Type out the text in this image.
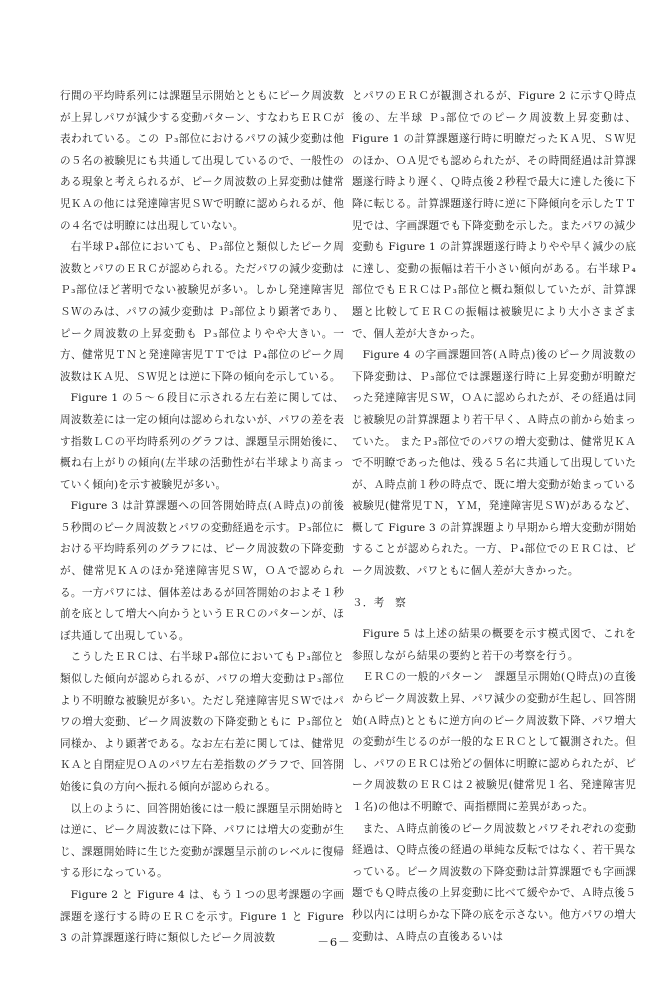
行間の平均時系列には課題呈示開始とともにピーク周波数が上昇しパワが減少する変動パターン、すなわちＥＲＣが表われている。この Ｐ₃部位におけるパワの減少変動は他の５名の被験児にも共通して出現しているので、一般性のある現象と考えられるが、ピーク周波数の上昇変動は健常児ＫＡの他には発達障害児ＳＷで明瞭に認められるが、他の４名では明瞭には出現していない。

右半球Ｐ₄部位においても、Ｐ₃部位と類似したピーク周波数とパワのＥＲＣが認められる。ただパワの減少変動は Ｐ₃部位ほど著明でない被験児が多い。しかし発達障害児ＳＷのみは、パワの減少変動は Ｐ₃部位より顕著であり、ピーク周波数の上昇変動も Ｐ₃部位よりやや大きい。一方、健常児ＴＮと発達障害児ＴＴでは Ｐ₄部位のピーク周波数はＫＡ児、ＳＷ児とは逆に下降の傾向を示している。

Figure 1 の５～６段目に示される左右差に関しては、周波数差には一定の傾向は認められないが、パワの差を表す指数ＬＣの平均時系列のグラフは、課題呈示開始後に、概ね右上がりの傾向(左半球の活動性が右半球より高まっていく傾向)を示す被験児が多い。

Figure 3 は計算課題への回答開始時点(Ａ時点)の前後５秒間のピーク周波数とパワの変動経過を示す。Ｐ₃部位における平均時系列のグラフには、ピーク周波数の下降変動が、健常児ＫＡのほか発達障害児ＳＷ，ＯＡで認められる。一方パワには、個体差はあるが回答開始のおよそ１秒前を底として増大へ向かうというＥＲＣのパターンが、ほぼ共通して出現している。

こうしたＥＲＣは、右半球Ｐ₄部位においてもＰ₃部位と類似した傾向が認められるが、パワの増大変動はＰ₃部位より不明瞭な被験児が多い。ただし発達障害児ＳＷではパワの増大変動、ピーク周波数の下降変動ともに Ｐ₃部位と同様か、より顕著である。なお左右差に関しては、健常児ＫＡと自閉症児ＯＡのパワ左右差指数のグラフで、回答開始後に負の方向へ振れる傾向が認められる。

以上のように、回答開始後には一般に課題呈示開始時とは逆に、ピーク周波数には下降、パワには増大の変動が生じ、課題開始時に生じた変動が課題呈示前のレベルに復帰する形になっている。

Figure 2 と Figure 4 は、もう１つの思考課題の字画課題を遂行する時のＥＲＣを示す。Figure 1 と Figure 3 の計算課題遂行時に類似したピーク周波数

とパワのＥＲＣが観測されるが、Figure 2 に示すＱ時点後の、左半球 Ｐ₃部位でのピーク周波数上昇変動は、Figure 1 の計算課題遂行時に明瞭だったＫＡ児、ＳＷ児のほか、ＯＡ児でも認められたが、その時間経過は計算課題遂行時より遅く、Ｑ時点後２秒程で最大に達した後に下降に転じる。計算課題遂行時に逆に下降傾向を示したＴＴ児では、字画課題でも下降変動を示した。またパワの減少変動も Figure 1 の計算課題遂行時よりやや早く減少の底に達し、変動の振幅は若干小さい傾向がある。右半球Ｐ₄部位でもＥＲＣはＰ₃部位と概ね類似していたが、計算課題と比較してＥＲＣの振幅は被験児により大小さまざまで、個人差が大きかった。

Figure 4 の字画課題回答(Ａ時点)後のピーク周波数の下降変動は、Ｐ₃部位では課題遂行時に上昇変動が明瞭だった発達障害児ＳＷ，ＯＡに認められたが、その経過は同じ被験児の計算課題より若干早く、Ａ時点の前から始まっていた。 またＰ₃部位でのパワの増大変動は、健常児ＫＡで不明瞭であった他は、残る５名に共通して出現していたが、Ａ時点前１秒の時点で、既に増大変動が始まっている被験児(健常児ＴＮ，ＹＭ，発達障害児ＳＷ)があるなど、概して Figure 3 の計算課題より早期から増大変動が開始することが認められた。一方、Ｐ₄部位でのＥＲＣは、ピーク周波数、パワともに個人差が大きかった。

３．考　察

Figure 5 は上述の結果の概要を示す模式図で、これを参照しながら結果の要約と若干の考察を行う。

ＥＲＣの一般的パターン　課題呈示開始(Ｑ時点)の直後からピーク周波数上昇、パワ減少の変動が生起し、回答開始(Ａ時点)とともに逆方向のピーク周波数下降、パワ増大の変動が生じるのが一般的なＥＲＣとして観測された。但し、パワのＥＲＣは殆どの個体に明瞭に認められたが、ピーク周波数のＥＲＣは２被験児(健常児１名、発達障害児１名)の他は不明瞭で、両指標間に差異があった。

また、Ａ時点前後のピーク周波数とパワそれぞれの変動経過は、Ｑ時点後の経過の単純な反転ではなく、若干異なっている。ピーク周波数の下降変動は計算課題でも字画課題でもＱ時点後の上昇変動に比べて緩やかで、Ａ時点後５秒以内には明らかな下降の底を示さない。他方パワの増大変動は、Ａ時点の直後あるいは

－6－
